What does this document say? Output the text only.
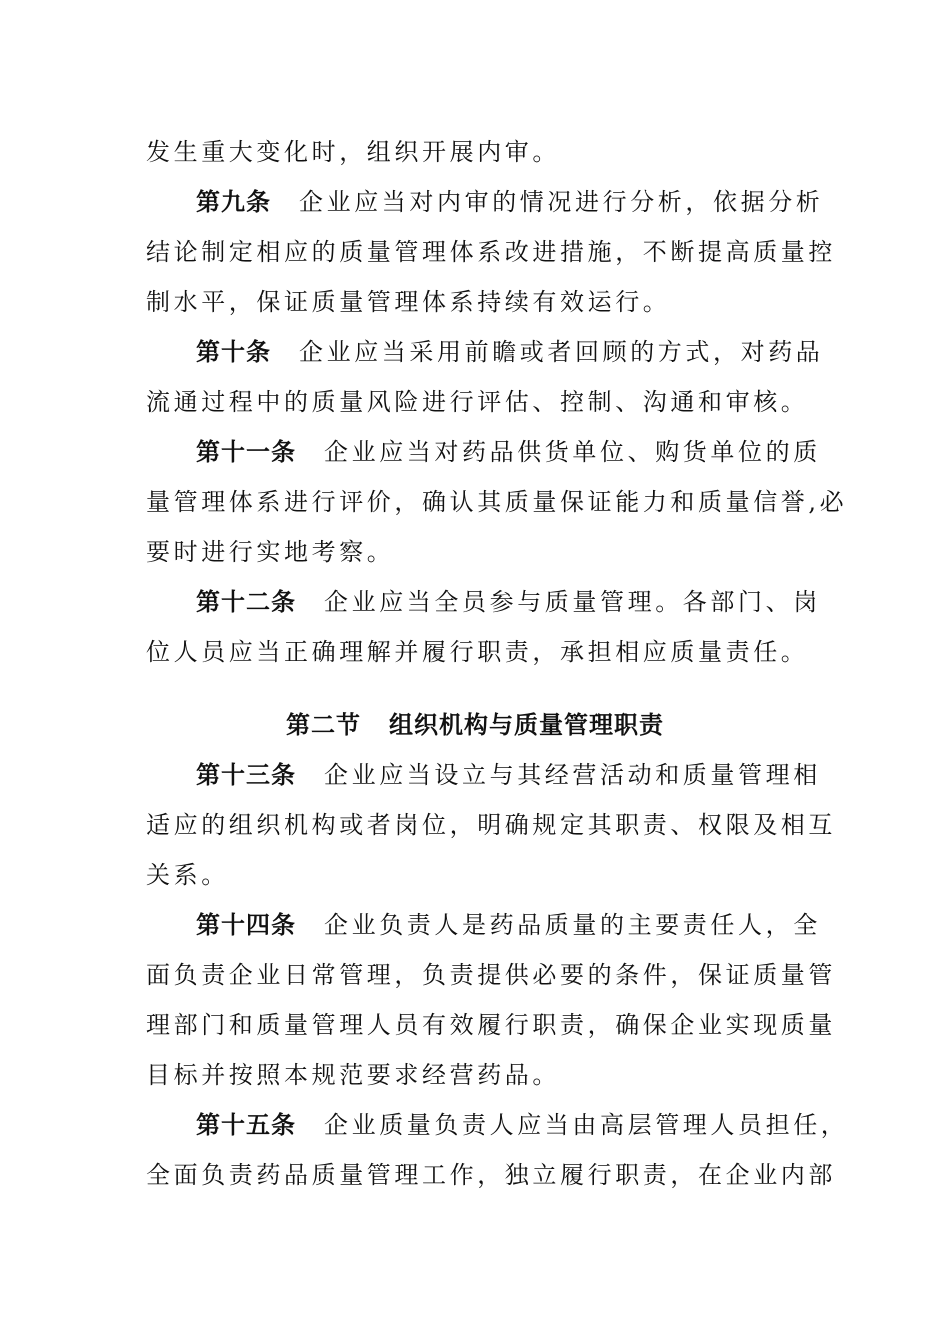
发生重大变化时，组织开展内审。
第九条 企业应当对内审的情况进行分析，依据分析
结论制定相应的质量管理体系改进措施，不断提高质量控
制水平，保证质量管理体系持续有效运行。
第十条 企业应当采用前瞻或者回顾的方式，对药品
流通过程中的质量风险进行评估、控制、沟通和审核。
第十一条 企业应当对药品供货单位、购货单位的质
量管理体系进行评价，确认其质量保证能力和质量信誉,必
要时进行实地考察。
第十二条 企业应当全员参与质量管理。各部门、岗
位人员应当正确理解并履行职责，承担相应质量责任。
第二节 组织机构与质量管理职责
第十三条 企业应当设立与其经营活动和质量管理相
适应的组织机构或者岗位，明确规定其职责、权限及相互
关系。
第十四条 企业负责人是药品质量的主要责任人，全
面负责企业日常管理，负责提供必要的条件，保证质量管
理部门和质量管理人员有效履行职责，确保企业实现质量
目标并按照本规范要求经营药品。
第十五条 企业质量负责人应当由高层管理人员担任，
全面负责药品质量管理工作，独立履行职责，在企业内部
